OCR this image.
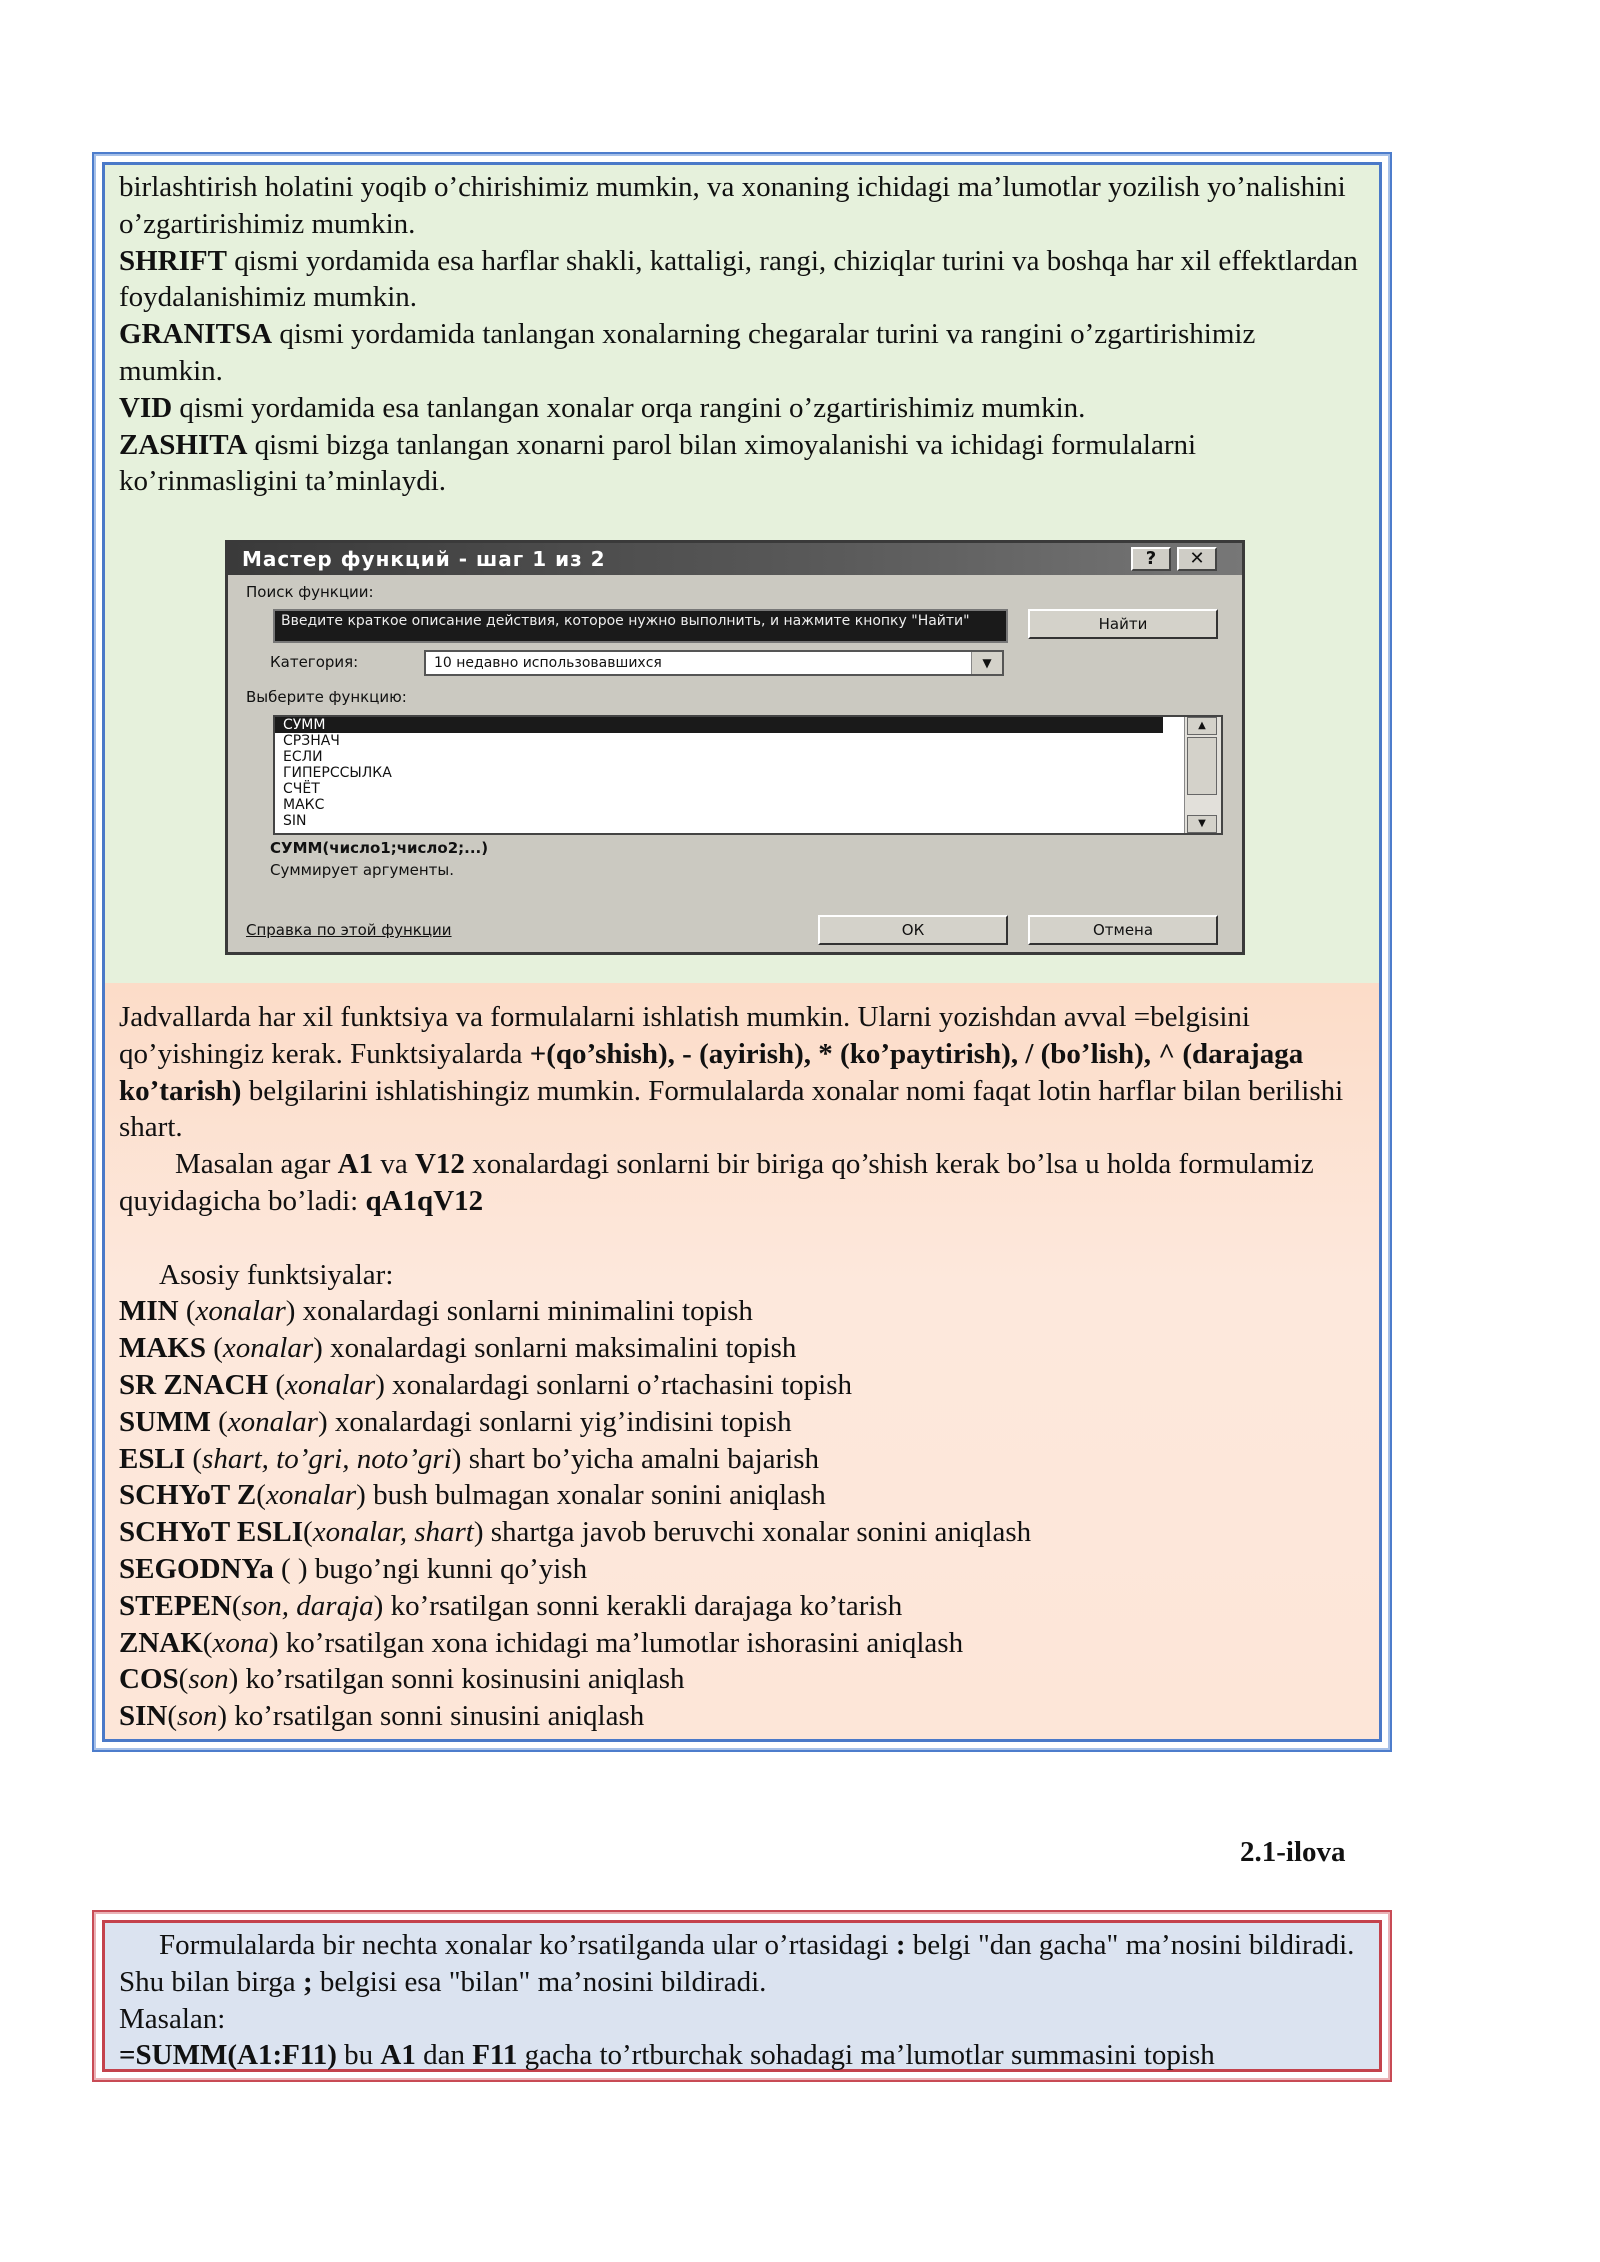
birlashtirish holatini yoqib o’chirishimiz mumkin, va xonaning ichidagi ma’lumotlar yozilish yo’nalishini o’zgartirishimiz mumkin.

SHRIFT qismi yordamida esa harflar shakli, kattaligi, rangi, chiziqlar turini va boshqa har xil effektlardan foydalanishimiz mumkin.

GRANITSA qismi yordamida tanlangan xonalarning chegaralar turini va rangini o’zgartirishimiz mumkin.

VID qismi yordamida esa tanlangan xonalar orqa rangini o’zgartirishimiz mumkin.

ZASHITA qismi bizga tanlangan xonarni parol bilan ximoyalanishi va ichidagi formulalarni ko’rinmasligini ta’minlaydi.

Мастер функций - шаг 1 из 2	?	✕
Поиск функции:
Введите краткое описание действия, которое нужно выполнить, и нажмите кнопку "Найти"	Найти
Категория:	10 недавно использовавшихся	▼
Выберите функцию:
СУММ
СРЗНАЧ
ЕСЛИ
ГИПЕРССЫЛКА
СЧЁТ
МАКС
SIN
▲
▼
СУММ(число1;число2;...)
Суммирует аргументы.
Справка по этой функции	ОК	Отмена

Jadvallarda har xil funktsiya va formulalarni ishlatish mumkin. Ularni yozishdan avval =belgisini qo’yishingiz kerak. Funktsiyalarda +(qo’shish), - (ayirish), * (ko’paytirish), / (bo’lish), ^ (darajaga ko’tarish) belgilarini ishlatishingiz mumkin. Formulalarda xonalar nomi faqat lotin harflar bilan berilishi shart.

Masalan agar A1 va V12 xonalardagi sonlarni bir biriga qo’shish kerak bo’lsa u holda formulamiz quyidagicha bo’ladi: qA1qV12

Asosiy funktsiyalar:

MIN (xonalar) xonalardagi sonlarni minimalini topish

MAKS (xonalar) xonalardagi sonlarni maksimalini topish

SR ZNACH (xonalar) xonalardagi sonlarni o’rtachasini topish

SUMM (xonalar) xonalardagi sonlarni yig’indisini topish

ESLI (shart, to’gri, noto’gri) shart bo’yicha amalni bajarish

SCHYoT Z(xonalar) bush bulmagan xonalar sonini aniqlash

SCHYoT ESLI(xonalar, shart) shartga javob beruvchi xonalar sonini aniqlash

SEGODNYa ( ) bugo’ngi kunni qo’yish

STEPEN(son, daraja) ko’rsatilgan sonni kerakli darajaga ko’tarish

ZNAK(xona) ko’rsatilgan xona ichidagi ma’lumotlar ishorasini aniqlash

COS(son) ko’rsatilgan sonni kosinusini aniqlash

SIN(son) ko’rsatilgan sonni sinusini aniqlash

2.1-ilova

Formulalarda bir nechta xonalar ko’rsatilganda ular o’rtasidagi : belgi "dan gacha" ma’nosini bildiradi. Shu bilan birga ; belgisi esa "bilan" ma’nosini bildiradi.

Masalan:

=SUMM(A1:F11) bu A1 dan F11 gacha to’rtburchak sohadagi ma’lumotlar summasini topish
